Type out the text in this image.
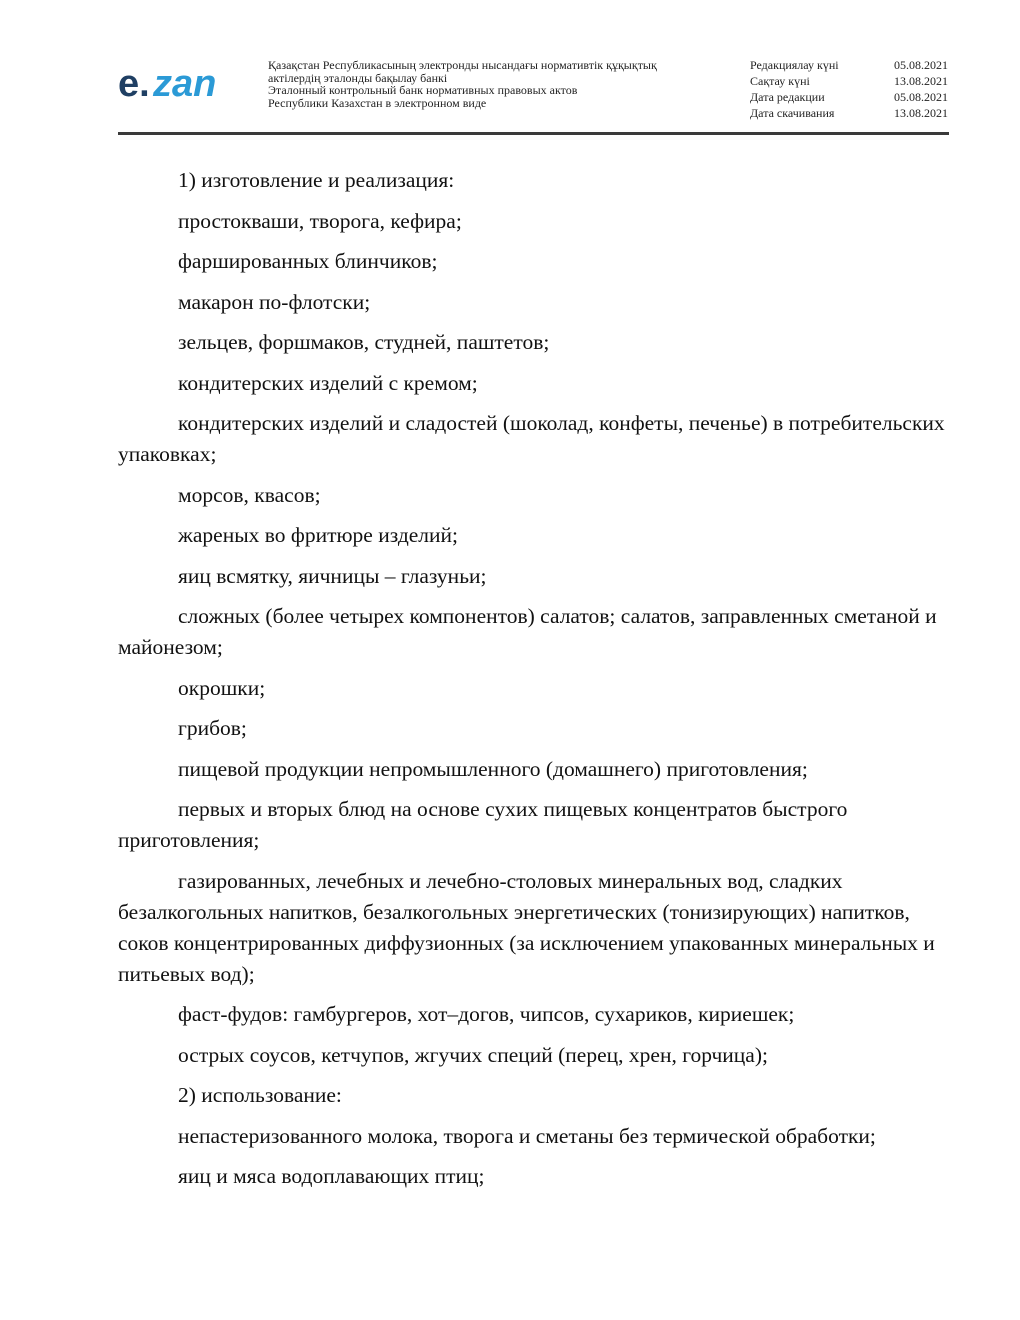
e. zan	Қазақстан Республикасының электронды нысандағы нормативтік құқықтық
актілердің эталонды бақылау банкі
Эталонный контрольный банк нормативных правовых актов
Республики Казахстан в электронном виде
Редакциялау күні	05.08.2021
Сақтау күні	13.08.2021
Дата редакции	05.08.2021
Дата скачивания	13.08.2021

1) изготовление и реализация:

простокваши, творога, кефира;

фаршированных блинчиков;

макарон по-флотски;

зельцев, форшмаков, студней, паштетов;

кондитерских изделий с кремом;

кондитерских изделий и сладостей (шоколад, конфеты, печенье) в потребительских упаковках;

морсов, квасов;

жареных во фритюре изделий;

яиц всмятку, яичницы – глазуньи;

сложных (более четырех компонентов) салатов; салатов, заправленных сметаной и майонезом;

окрошки;

грибов;

пищевой продукции непромышленного (домашнего) приготовления;

первых и вторых блюд на основе сухих пищевых концентратов быстрого приготовления;

газированных, лечебных и лечебно-столовых минеральных вод, сладких безалкогольных напитков, безалкогольных энергетических (тонизирующих) напитков, соков концентрированных диффузионных (за исключением упакованных минеральных и питьевых вод);

фаст-фудов: гамбургеров, хот–догов, чипсов, сухариков, кириешек;

острых соусов, кетчупов, жгучих специй (перец, хрен, горчица);

2) использование:

непастеризованного молока, творога и сметаны без термической обработки;

яиц и мяса водоплавающих птиц;
